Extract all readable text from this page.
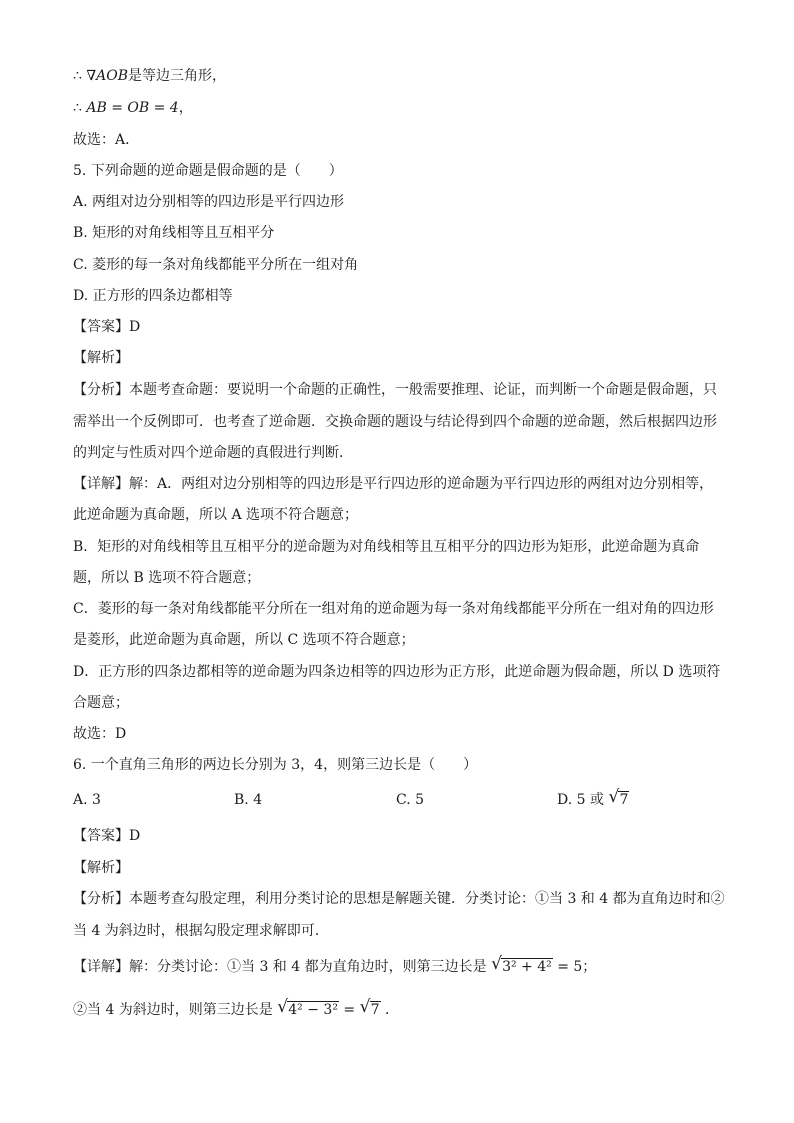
∴ ∇AOB是等边三角形，
∴ AB = OB = 4，
故选：A．
5. 下列命题的逆命题是假命题的是（　　）
A. 两组对边分别相等的四边形是平行四边形
B. 矩形的对角线相等且互相平分
C. 菱形的每一条对角线都能平分所在一组对角
D. 正方形的四条边都相等
【答案】D
【解析】
【分析】本题考查命题：要说明一个命题的正确性，一般需要推理、论证，而判断一个命题是假命题，只
需举出一个反例即可．也考查了逆命题．交换命题的题设与结论得到四个命题的逆命题，然后根据四边形
的判定与性质对四个逆命题的真假进行判断．
【详解】解：A．两组对边分别相等的四边形是平行四边形的逆命题为平行四边形的两组对边分别相等，
此逆命题为真命题，所以 A 选项不符合题意；
B．矩形的对角线相等且互相平分的逆命题为对角线相等且互相平分的四边形为矩形，此逆命题为真命
题，所以 B 选项不符合题意；
C．菱形的每一条对角线都能平分所在一组对角的逆命题为每一条对角线都能平分所在一组对角的四边形
是菱形，此逆命题为真命题，所以 C 选项不符合题意；
D．正方形的四条边都相等的逆命题为四条边相等的四边形为正方形，此逆命题为假命题，所以 D 选项符
合题意；
故选：D
6. 一个直角三角形的两边长分别为 3，4，则第三边长是（　　）
A. 3	B. 4	C. 5	D. 5 或 √ 7
【答案】D
【解析】
【分析】本题考查勾股定理，利用分类讨论的思想是解题关键．分类讨论：①当 3 和 4 都为直角边时和②
当 4 为斜边时，根据勾股定理求解即可.
【详解】解：分类讨论：①当 3 和 4 都为直角边时，则第三边长是 √ 3² + 4² = 5；
②当 4 为斜边时，则第三边长是 √ 4² − 3² = √ 7 ．
